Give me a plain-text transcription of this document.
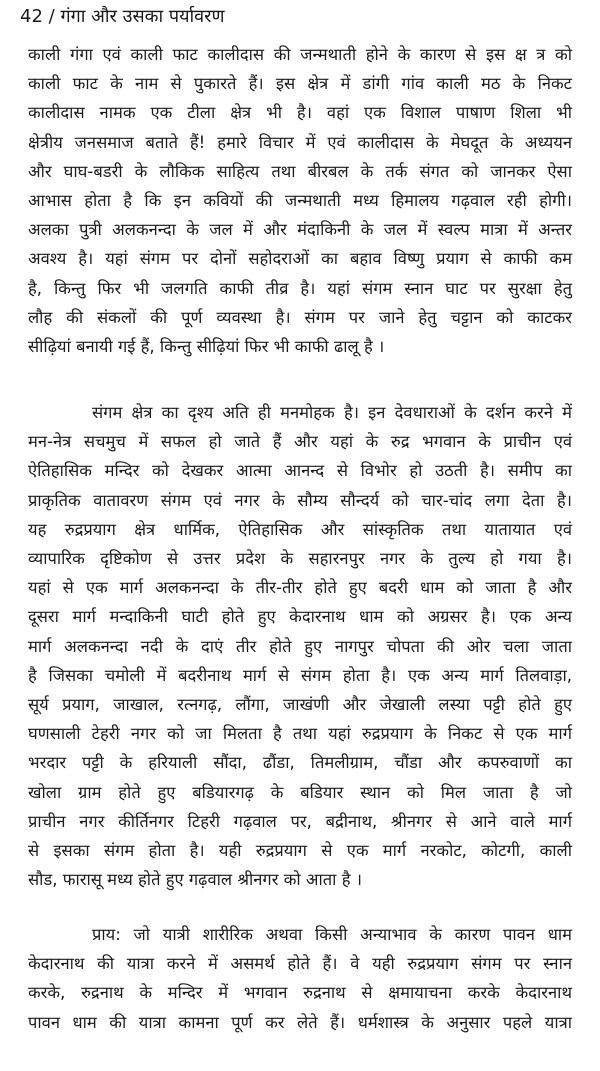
42 / गंगा और उसका पर्यावरण
काली गंगा एवं काली फाट कालीदास की जन्मथाती होने के कारण से इस क्ष त्र को
काली फाट के नाम से पुकारते हैं। इस क्षेत्र में डांगी गांव काली मठ के निकट
कालीदास नामक एक टीला क्षेत्र भी है। वहां एक विशाल पाषाण शिला भी
क्षेत्रीय जनसमाज बताते हैं! हमारे विचार में एवं कालीदास के मेघदूत के अध्ययन
और घाघ-बडरी के लौकिक साहित्य तथा बीरबल के तर्क संगत को जानकर ऐसा
आभास होता है कि इन कवियों की जन्मथाती मध्य हिमालय गढ़वाल रही होगी।
अलका पुत्री अलकनन्दा के जल में और मंदाकिनी के जल में स्वल्प मात्रा में अन्तर
अवश्य है। यहां संगम पर दोनों सहोदराओं का बहाव विष्णु प्रयाग से काफी कम
है, किन्तु फिर भी जलगति काफी तीव्र है। यहां संगम स्नान घाट पर सुरक्षा हेतु
लौह की संकलों की पूर्ण व्यवस्था है। संगम पर जाने हेतु चट्टान को काटकर
सीढ़ियां बनायी गई हैं, किन्तु सीढ़ियां फिर भी काफी ढालू है ।
संगम क्षेत्र का दृश्य अति ही मनमोहक है। इन देवधाराओं के दर्शन करने में
मन-नेत्र सचमुच में सफल हो जाते हैं और यहां के रुद्र भगवान के प्राचीन एवं
ऐतिहासिक मन्दिर को देखकर आत्मा आनन्द से विभोर हो उठती है। समीप का
प्राकृतिक वातावरण संगम एवं नगर के सौम्य सौन्दर्य को चार-चांद लगा देता है।
यह रुद्रप्रयाग क्षेत्र धार्मिक, ऐतिहासिक और सांस्कृतिक तथा यातायात एवं
व्यापारिक दृष्टिकोण से उत्तर प्रदेश के सहारनपुर नगर के तुल्य हो गया है।
यहां से एक मार्ग अलकनन्दा के तीर-तीर होते हुए बदरी धाम को जाता है और
दूसरा मार्ग मन्दाकिनी घाटी होते हुए केदारनाथ धाम को अग्रसर है। एक अन्य
मार्ग अलकनन्दा नदी के दाएं तीर होते हुए नागपुर चोपता की ओर चला जाता
है जिसका चमोली में बदरीनाथ मार्ग से संगम होता है। एक अन्य मार्ग तिलवाड़ा,
सूर्य प्रयाग, जाखाल, रत्नगढ़, लौंगा, जाखंणी और जेखाली लस्या पट्टी होते हुए
घणसाली टेहरी नगर को जा मिलता है तथा यहां रुद्रप्रयाग के निकट से एक मार्ग
भरदार पट्टी के हरियाली सौंदा, ढौंडा, तिमलीग्राम, चौंडा और कपरुवाणों का
खोला ग्राम होते हुए बडियारगढ़ के बडियार स्थान को मिल जाता है जो
प्राचीन नगर कीर्तिनगर टिहरी गढ़वाल पर, बद्रीनाथ, श्रीनगर से आने वाले मार्ग
से इसका संगम होता है। यही रुद्रप्रयाग से एक मार्ग नरकोट, कोटगी, काली
सौड, फारासू मध्य होते हुए गढ़वाल श्रीनगर को आता है ।
प्राय: जो यात्री शारीरिक अथवा किसी अन्याभाव के कारण पावन धाम
केदारनाथ की यात्रा करने में असमर्थ होते हैं। वे यही रुद्रप्रयाग संगम पर स्नान
करके, रुद्रनाथ के मन्दिर में भगवान रुद्रनाथ से क्षमायाचना करके केदारनाथ
पावन धाम की यात्रा कामना पूर्ण कर लेते हैं। धर्मशास्त्र के अनुसार पहले यात्रा
